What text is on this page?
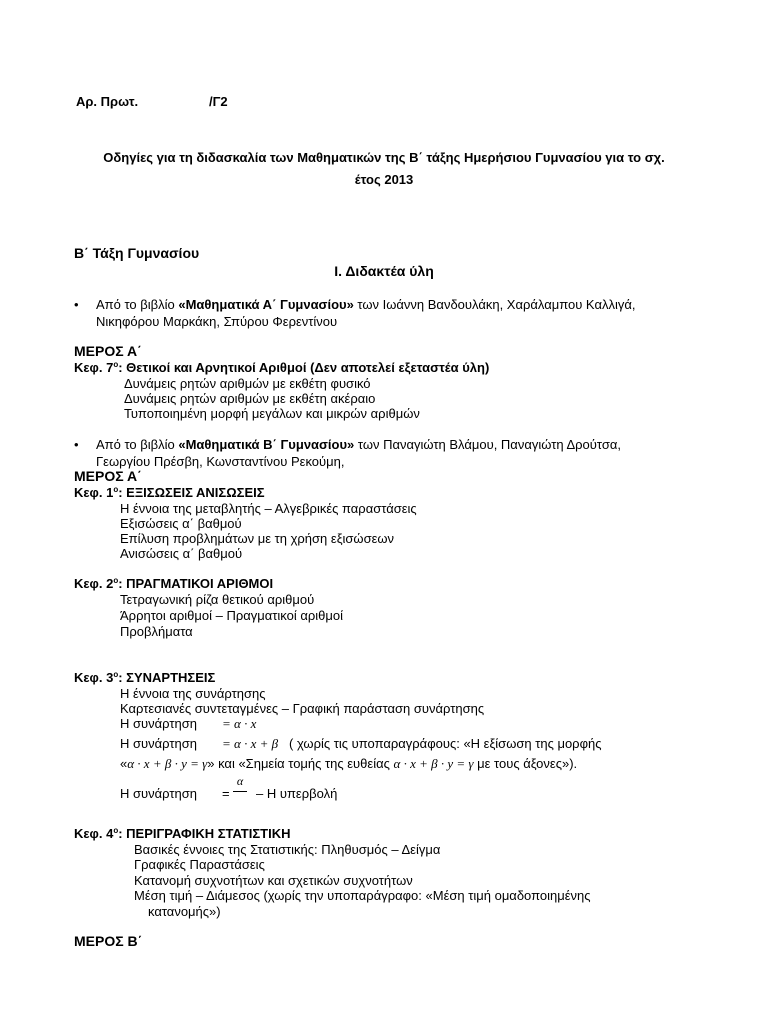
Αρ. Πρωτ.	/Γ2
Οδηγίες για τη διδασκαλία των Μαθηματικών της Β΄ τάξης Ημερήσιου Γυμνασίου για το σχ.
έτος 2013
Β΄ Τάξη Γυμνασίου
Ι. Διδακτέα ύλη
• Από το βιβλίο «Μαθηματικά Α΄ Γυμνασίου» των Ιωάννη Βανδουλάκη, Χαράλαμπου Καλλιγά,
Νικηφόρου Μαρκάκη, Σπύρου Φερεντίνου
ΜΕΡΟΣ Α΄
Κεφ. $7^o$: Θετικοί και Αρνητικοί Αριθμοί (Δεν αποτελεί εξεταστέα ύλη)
Δυνάμεις ρητών αριθμών με εκθέτη φυσικό
Δυνάμεις ρητών αριθμών με εκθέτη ακέραιο
Τυποποιημένη μορφή μεγάλων και μικρών αριθμών
• Από το βιβλίο «Μαθηματικά Β΄ Γυμνασίου» των Παναγιώτη Βλάμου, Παναγιώτη Δρούτσα,
Γεωργίου Πρέσβη, Κωνσταντίνου Ρεκούμη,
ΜΕΡΟΣ Α΄
Κεφ. $1^o$: ΕΞΙΣΩΣΕΙΣ ΑΝΙΣΩΣΕΙΣ
Η έννοια της μεταβλητής – Αλγεβρικές παραστάσεις
Εξισώσεις α΄ βαθμού
Επίλυση προβλημάτων με τη χρήση εξισώσεων
Ανισώσεις α΄ βαθμού
Κεφ. $2^o$: ΠΡΑΓΜΑΤΙΚΟΙ ΑΡΙΘΜΟΙ
Τετραγωνική ρίζα θετικού αριθμού
Άρρητοι αριθμοί – Πραγματικοί αριθμοί
Προβλήματα
Κεφ. $3^o$: ΣΥΝΑΡΤΗΣΕΙΣ
Η έννοια της συνάρτησης
Καρτεσιανές συντεταγμένες – Γραφική παράσταση συνάρτησης
Η συνάρτηση = α · x
Η συνάρτηση = α · x + β ( χωρίς τις υποπαραγράφους: «Η εξίσωση της μορφής
«α · x + β · y = γ» και «Σημεία τομής της ευθείας α · x + β · y = γ με τους άξονες»).
Η συνάρτηση =
α
– Η υπερβολή
Κεφ. $4^o$: ΠΕΡΙΓΡΑΦΙΚΗ ΣΤΑΤΙΣΤΙΚΗ
Βασικές έννοιες της Στατιστικής: Πληθυσμός – Δείγμα
Γραφικές Παραστάσεις
Κατανομή συχνοτήτων και σχετικών συχνοτήτων
Μέση τιμή – Διάμεσος (χωρίς την υποπαράγραφο: «Μέση τιμή ομαδοποιημένης
κατανομής»)
ΜΕΡΟΣ Β΄
